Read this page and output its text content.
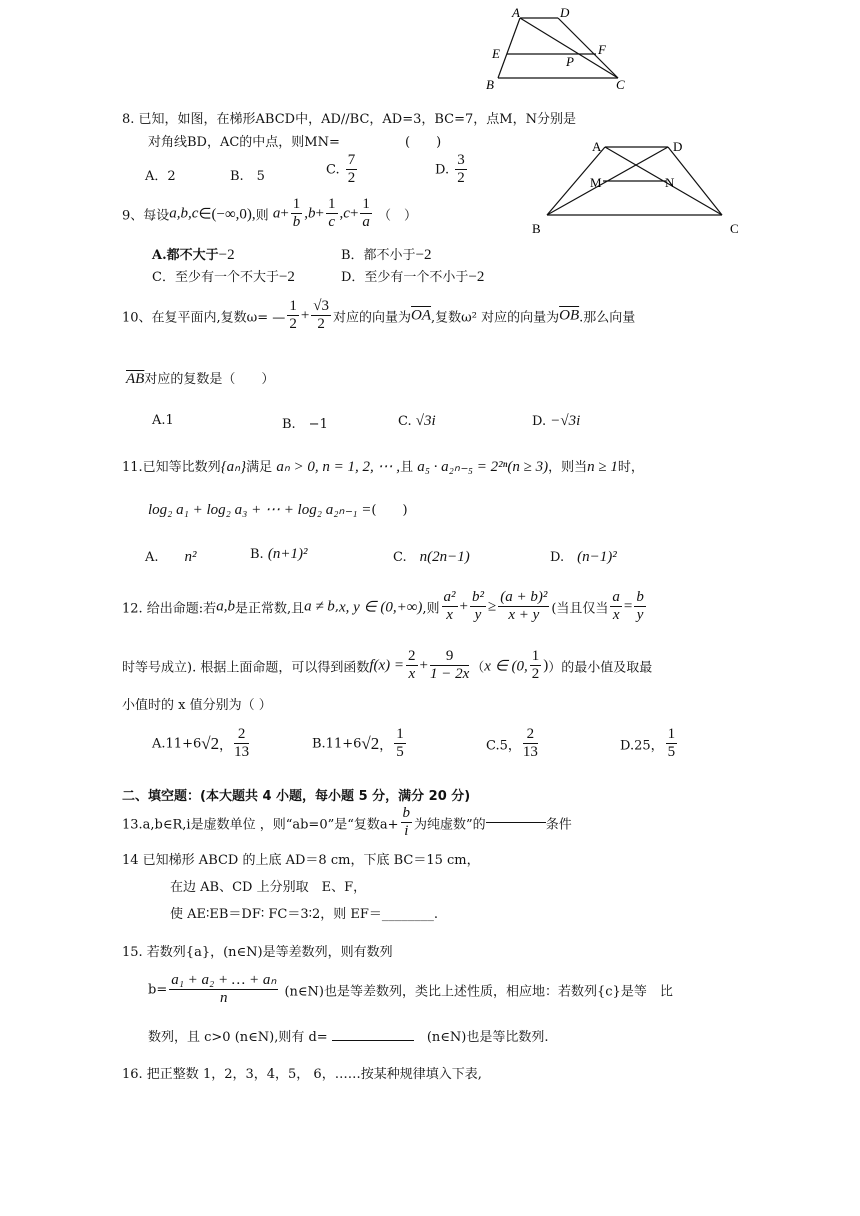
A	D
E	F
P
B	C
A	D
M	N
B	C
8. 已知，如图，在梯形ABCD中，AD//BC，AD=3，BC=7，点M，N分别是
对角线BD，AC的中点，则MN=	(　　)
A．2	B.　5	C. $\frac{7}{2}$	D. $\frac{3}{2}$
9、每设a,b,c∈(−∞,0),则 $a+ \frac{1}{b} ,b+ \frac{1}{c} ,c+ \frac{1}{a}$ （　）
A.都不大于−2	B．都不小于−2
C．至少有一个不大于−2	D．至少有一个不小于−2
10、在复平面内,复数ω= — $\frac{1}{2} + \frac{√3}{2}$ 对应的向量为$\overline{OA}$,复数ω² 对应的向量为$\overline{OB}$.那么向量
$\overline{AB}$对应的复数是（　　）
A.1	B.　−1	C. √3i	D. −√3i
11.已知等比数列{aₙ}满足 aₙ > 0, n = 1, 2, ⋯ ,且 a₅ · a₂ₙ₋₅ = 2²ⁿ(n ≥ 3)，则当n ≥ 1时，
log₂ a₁ + log₂ a₃ + ⋯ + log₂ a₂ₙ₋₁ =(　　)
A.　　 n²	B. (n+1)²	C.　 n(2n−1)	D.　 (n−1)²
12. 给出命题:若a,b是正常数,且a ≠ b,x, y ∈ (0,+∞),则 $\frac{\text{a²}}{x} + \frac{\text{b²}}{y} \ge \frac{\text{(a + b)²}}{x + y}$ (当且仅当 $\frac{a}{x} = \frac{b}{y}$
时等号成立). 根据上面命题，可以得到函数$f(x) = \frac{2}{x} + \frac{9}{1 - 2x} (x$ ∈ (0, $\frac{1}{2}$ )）的最小值及取最
小值时的 x 值分别为（ ）
A.11+6√2， $\frac{2}{13}$	B.11+6√2， $\frac{1}{5}$	C.5， $\frac{2}{13}$	D.25， $\frac{1}{5}$
二、填空题：(本大题共 4 小题，每小题 5 分，满分 20 分)
13.a,b∈R,i是虚数单位 ，则“ab=0”是“复数$a+ \frac{b}{i}$ 为纯虚数”的	条件
14 已知梯形 ABCD 的上底 AD＝8 cm，下底 BC＝15 cm，
在边 AB、CD 上分别取　E、F，
使 AE∶EB＝DF∶ FC＝3∶2，则 EF＝________.
15. 若数列{a}，(n∈N)是等差数列，则有数列
$b= \frac{\text{a₁ + a₂ + … + aₙ}}{n}$ (n∈N)也是等差数列，类比上述性质，相应地：若数列{c}是等　比
数列，且 c>0 (n∈N),则有 d= 　	(n∈N)也是等比数列.
16. 把正整数 1，2，3，4，5， 6，……按某种规律填入下表,
